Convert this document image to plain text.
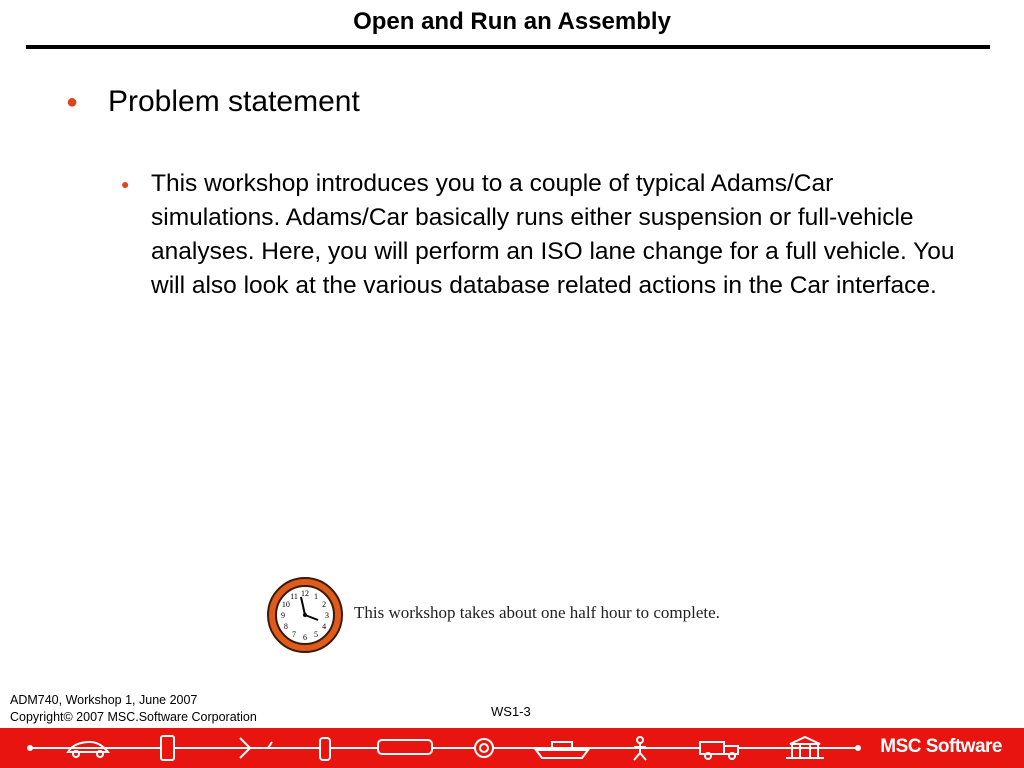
Open and Run an Assembly
● Problem statement
● This workshop introduces you to a couple of typical Adams/Car simulations. Adams/Car basically runs either suspension or full-vehicle analyses. Here, you will perform an ISO lane change for a full vehicle. You will also look at the various database related actions in the Car interface.
12 1
2
3
4
5
6
7
8
9
10
11
This workshop takes about one half hour to complete.
ADM740, Workshop 1, June 2007
Copyright© 2007 MSC.Software Corporation	WS1-3
MSC Software
